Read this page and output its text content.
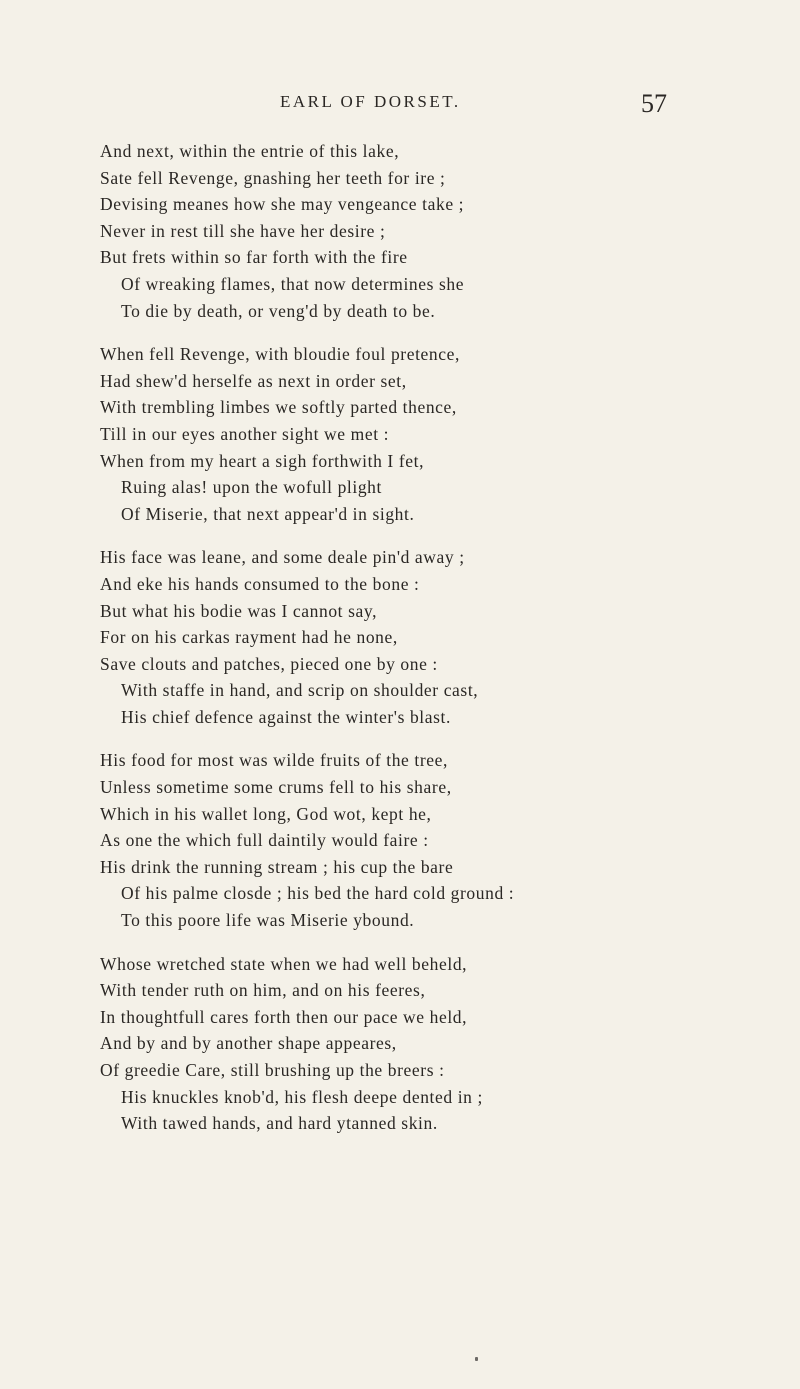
EARL OF DORSET.	57
And next, within the entrie of this lake,
Sate fell Revenge, gnashing her teeth for ire ;
Devising meanes how she may vengeance take ;
Never in rest till she have her desire ;
But frets within so far forth with the fire
Of wreaking flames, that now determines she
To die by death, or veng'd by death to be.
When fell Revenge, with bloudie foul pretence,
Had shew'd herselfe as next in order set,
With trembling limbes we softly parted thence,
Till in our eyes another sight we met :
When from my heart a sigh forthwith I fet,
Ruing alas! upon the wofull plight
Of Miserie, that next appear'd in sight.
His face was leane, and some deale pin'd away ;
And eke his hands consumed to the bone :
But what his bodie was I cannot say,
For on his carkas rayment had he none,
Save clouts and patches, pieced one by one :
With staffe in hand, and scrip on shoulder cast,
His chief defence against the winter's blast.
His food for most was wilde fruits of the tree,
Unless sometime some crums fell to his share,
Which in his wallet long, God wot, kept he,
As one the which full daintily would faire :
His drink the running stream ; his cup the bare
Of his palme closde ; his bed the hard cold ground :
To this poore life was Miserie ybound.
Whose wretched state when we had well beheld,
With tender ruth on him, and on his feeres,
In thoughtfull cares forth then our pace we held,
And by and by another shape appeares,
Of greedie Care, still brushing up the breers :
His knuckles knob'd, his flesh deepe dented in ;
With tawed hands, and hard ytanned skin.
